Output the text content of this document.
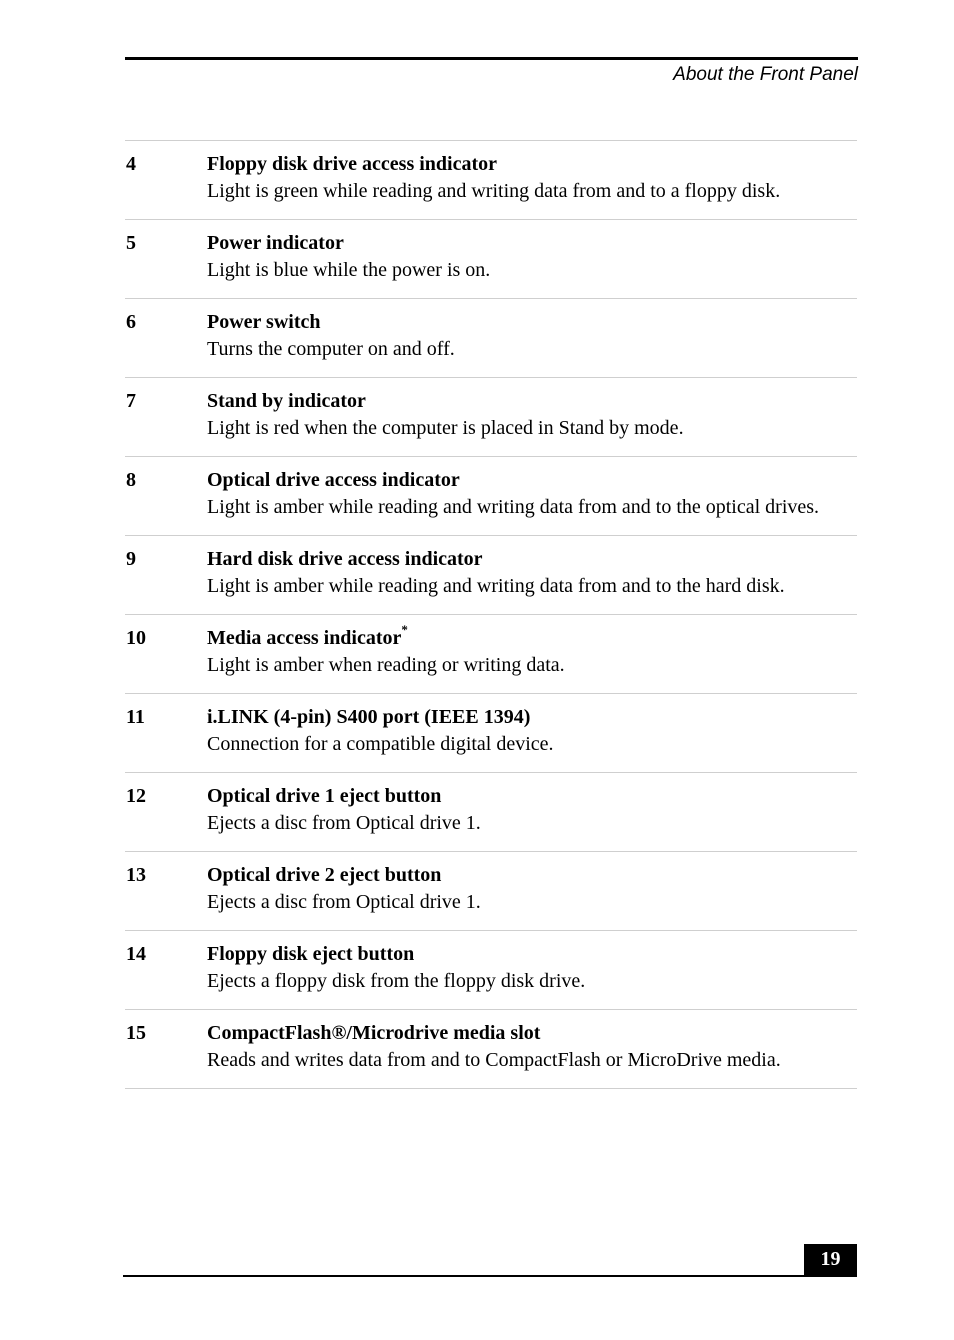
About the Front Panel
4	Floppy disk drive access indicator
Light is green while reading and writing data from and to a floppy disk.
5	Power indicator
Light is blue while the power is on.
6	Power switch
Turns the computer on and off.
7	Stand by indicator
Light is red when the computer is placed in Stand by mode.
8	Optical drive access indicator
Light is amber while reading and writing data from and to the optical drives.
9	Hard disk drive access indicator
Light is amber while reading and writing data from and to the hard disk.
10	Media access indicator*
Light is amber when reading or writing data.
11	i.LINK (4-pin) S400 port (IEEE 1394)
Connection for a compatible digital device.
12	Optical drive 1 eject button
Ejects a disc from Optical drive 1.
13	Optical drive 2 eject button
Ejects a disc from Optical drive 1.
14	Floppy disk eject button
Ejects a floppy disk from the floppy disk drive.
15	CompactFlash®/Microdrive media slot
Reads and writes data from and to CompactFlash or MicroDrive media.
19
